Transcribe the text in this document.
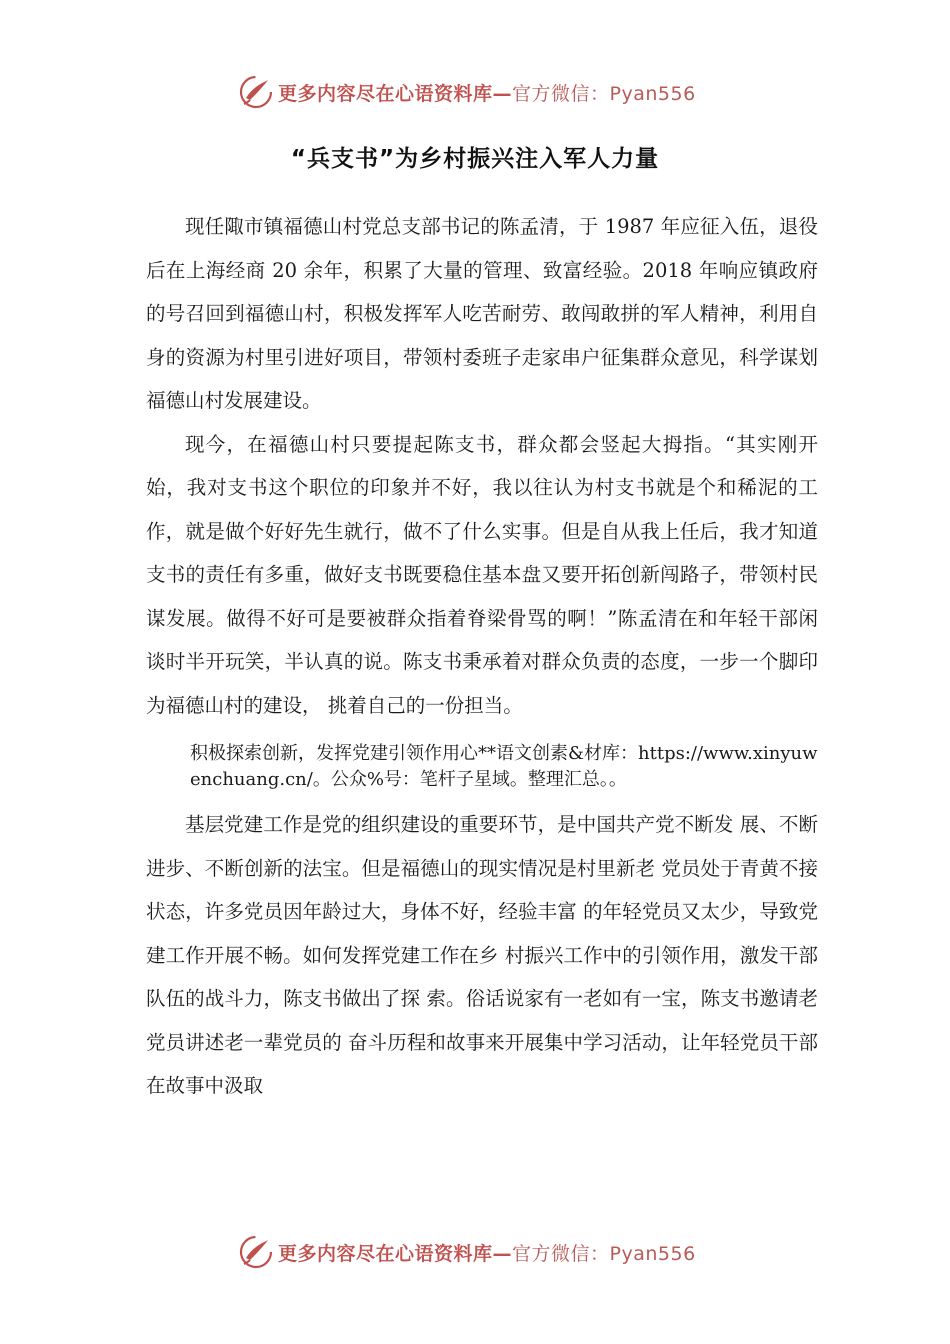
更多内容尽在心语资料库—官方微信：Pyan556
“兵支书”为乡村振兴注入军人力量

现任陬市镇福德山村党总支部书记的陈孟清，于 1987 年应征入伍，退役后在上海经商 20 余年，积累了大量的管理、致富经验。2018 年响应镇政府的号召回到福德山村，积极发挥军人吃苦耐劳、敢闯敢拼的军人精神，利用自身的资源为村里引进好项目，带领村委班子走家串户征集群众意见，科学谋划福德山村发展建设。

现今，在福德山村只要提起陈支书，群众都会竖起大拇指。“其实刚开始，我对支书这个职位的印象并不好，我以往认为村支书就是个和稀泥的工作，就是做个好好先生就行，做不了什么实事。但是自从我上任后，我才知道支书的责任有多重，做好支书既要稳住基本盘又要开拓创新闯路子，带领村民谋发展。做得不好可是要被群众指着脊梁骨骂的啊！”陈孟清在和年轻干部闲谈时半开玩笑，半认真的说。陈支书秉承着对群众负责的态度，一步一个脚印为福德山村的建设， 挑着自己的一份担当。

积极探索创新，发挥党建引领作用心**语文创素&材库：https://www.xinyuwenchuang.cn/。公众%号：笔杆子星域。整理汇总。。

基层党建工作是党的组织建设的重要环节，是中国共产党不断发 展、不断进步、不断创新的法宝。但是福德山的现实情况是村里新老 党员处于青黄不接状态，许多党员因年龄过大，身体不好，经验丰富 的年轻党员又太少，导致党建工作开展不畅。如何发挥党建工作在乡 村振兴工作中的引领作用，激发干部队伍的战斗力，陈支书做出了探 索。俗话说家有一老如有一宝，陈支书邀请老党员讲述老一辈党员的 奋斗历程和故事来开展集中学习活动，让年轻党员干部在故事中汲取

更多内容尽在心语资料库—官方微信：Pyan556
